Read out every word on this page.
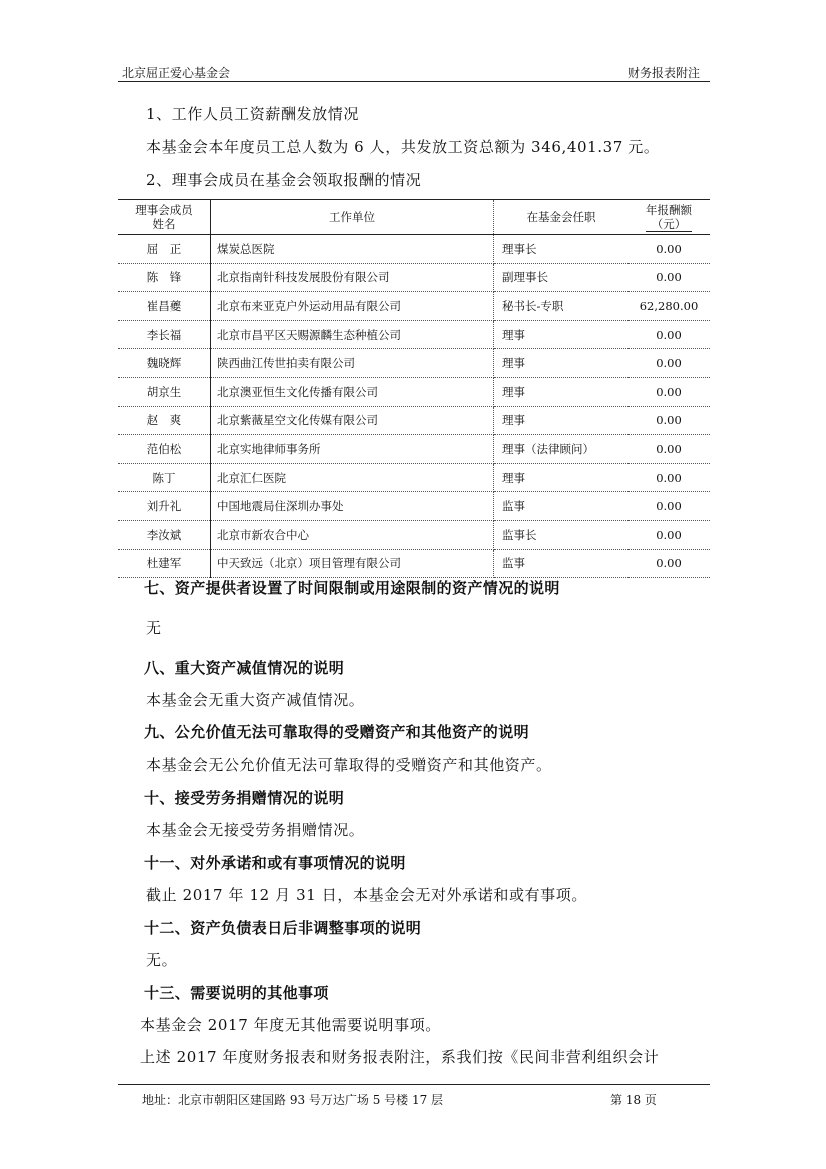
北京屈正爱心基金会	财务报表附注
1、工作人员工资薪酬发放情况
本基金会本年度员工总人数为 6 人，共发放工资总额为 346,401.37 元。
2、理事会成员在基金会领取报酬的情况
理事会成员
姓名	工作单位	在基金会任职	年报酬额
（元）
屈　正	煤炭总医院	理事长	0.00
陈　锋	北京指南针科技发展股份有限公司	副理事长	0.00
崔昌夔	北京布来亚克户外运动用品有限公司	秘书长-专职	62,280.00
李长福	北京市昌平区天赐源麟生态种植公司	理事	0.00
魏晓辉	陕西曲江传世拍卖有限公司	理事	0.00
胡京生	北京澳亚恒生文化传播有限公司	理事	0.00
赵　爽	北京紫薇星空文化传媒有限公司	理事	0.00
范伯松	北京实地律师事务所	理事（法律顾问）	0.00
陈丁	北京汇仁医院	理事	0.00
刘升礼	中国地震局住深圳办事处	监事	0.00
李汝斌	北京市新农合中心	监事长	0.00
杜建军	中天致远（北京）项目管理有限公司	监事	0.00
七、资产提供者设置了时间限制或用途限制的资产情况的说明
无
八、重大资产减值情况的说明
本基金会无重大资产减值情况。
九、公允价值无法可靠取得的受赠资产和其他资产的说明
本基金会无公允价值无法可靠取得的受赠资产和其他资产。
十、接受劳务捐赠情况的说明
本基金会无接受劳务捐赠情况。
十一、对外承诺和或有事项情况的说明
截止 2017 年 12 月 31 日，本基金会无对外承诺和或有事项。
十二、资产负债表日后非调整事项的说明
无。
十三、需要说明的其他事项
本基金会 2017 年度无其他需要说明事项。
上述 2017 年度财务报表和财务报表附注，系我们按《民间非营利组织会计
地址：北京市朝阳区建国路 93 号万达广场 5 号楼 17 层	第 18 页
